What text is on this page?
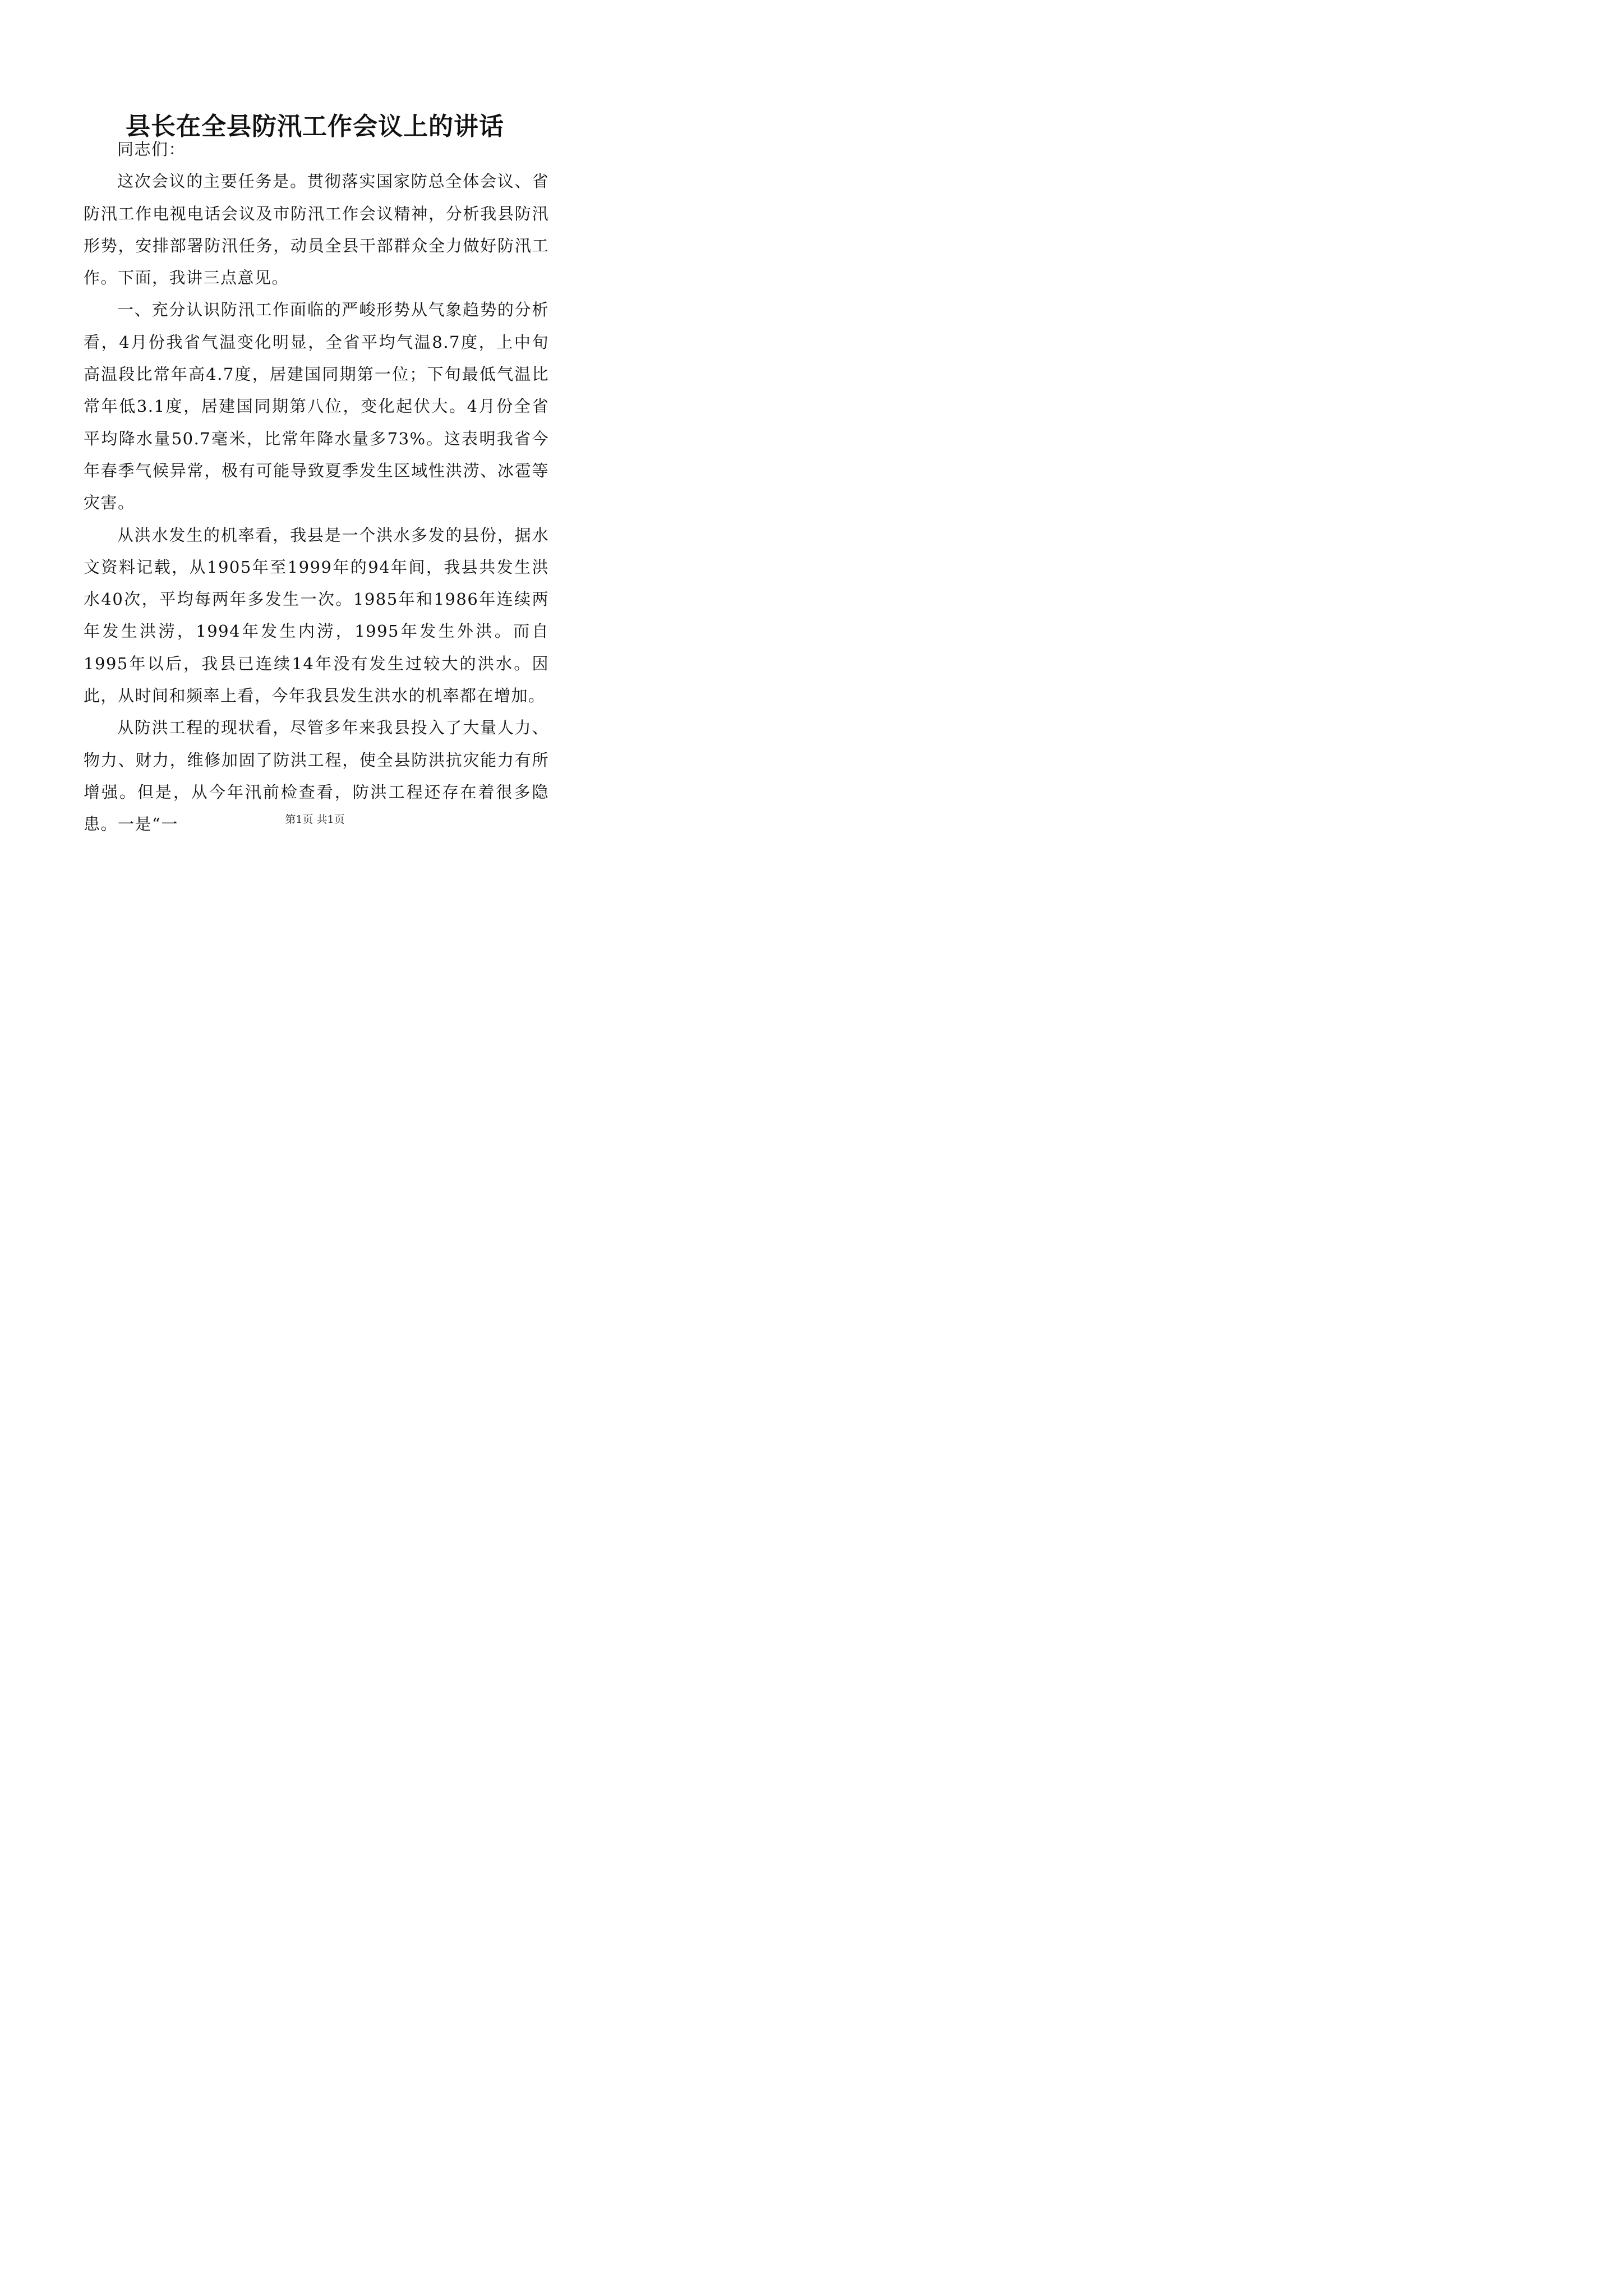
县长在全县防汛工作会议上的讲话

同志们：

这次会议的主要任务是。贯彻落实国家防总全体会议、省防汛工作电视电话会议及市防汛工作会议精神，分析我县防汛形势，安排部署防汛任务，动员全县干部群众全力做好防汛工作。下面，我讲三点意见。

一、充分认识防汛工作面临的严峻形势从气象趋势的分析看，4月份我省气温变化明显，全省平均气温8.7度，上中旬高温段比常年高4.7度，居建国同期第一位；下旬最低气温比常年低3.1度，居建国同期第八位，变化起伏大。4月份全省平均降水量50.7毫米，比常年降水量多73%。这表明我省今年春季气候异常，极有可能导致夏季发生区域性洪涝、冰雹等灾害。

从洪水发生的机率看，我县是一个洪水多发的县份，据水文资料记载，从1905年至1999年的94年间，我县共发生洪水40次，平均每两年多发生一次。1985年和1986年连续两年发生洪涝，1994年发生内涝，1995年发生外洪。而自1995年以后，我县已连续14年没有发生过较大的洪水。因此，从时间和频率上看，今年我县发生洪水的机率都在增加。

从防洪工程的现状看，尽管多年来我县投入了大量人力、物力、财力，维修加固了防洪工程，使全县防洪抗灾能力有所增强。但是，从今年汛前检查看，防洪工程还存在着很多隐患。一是“一	第1页 共1页
